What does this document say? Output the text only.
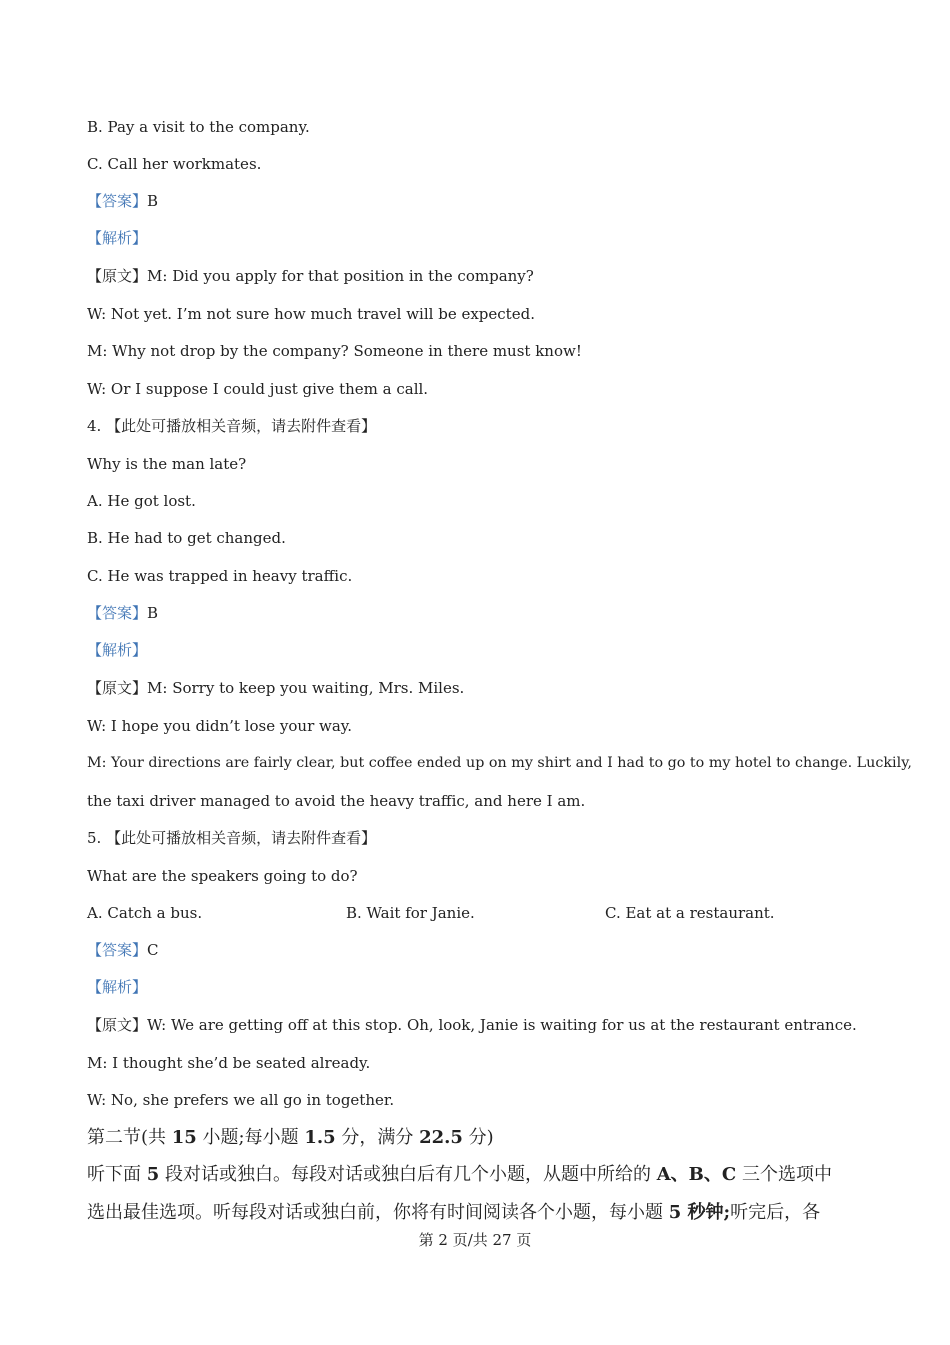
B. Pay a visit to the company.
C. Call her workmates.
【答案】B
【解析】
【原文】M: Did you apply for that position in the company?
W: Not yet. I’m not sure how much travel will be expected.
M: Why not drop by the company? Someone in there must know!
W: Or I suppose I could just give them a call.
4. 【此处可播放相关音频，请去附件查看】
Why is the man late?
A. He got lost.
B. He had to get changed.
C. He was trapped in heavy traffic.
【答案】B
【解析】
【原文】M: Sorry to keep you waiting, Mrs. Miles.
W: I hope you didn’t lose your way.
M: Your directions are fairly clear, but coffee ended up on my shirt and I had to go to my hotel to change. Luckily,
the taxi driver managed to avoid the heavy traffic, and here I am.
5. 【此处可播放相关音频，请去附件查看】
What are the speakers going to do?
A. Catch a bus.	B. Wait for Janie.	C. Eat at a restaurant.
【答案】C
【解析】
【原文】W: We are getting off at this stop. Oh, look, Janie is waiting for us at the restaurant entrance.
M: I thought she’d be seated already.
W: No, she prefers we all go in together.
第二节(共 15 小题;每小题 1.5 分，满分 22.5 分)
听下面 5 段对话或独白。每段对话或独白后有几个小题，从题中所给的 A、B、C 三个选项中
选出最佳选项。听每段对话或独白前，你将有时间阅读各个小题，每小题 5 秒钟;听完后，各
第 2 页/共 27 页
